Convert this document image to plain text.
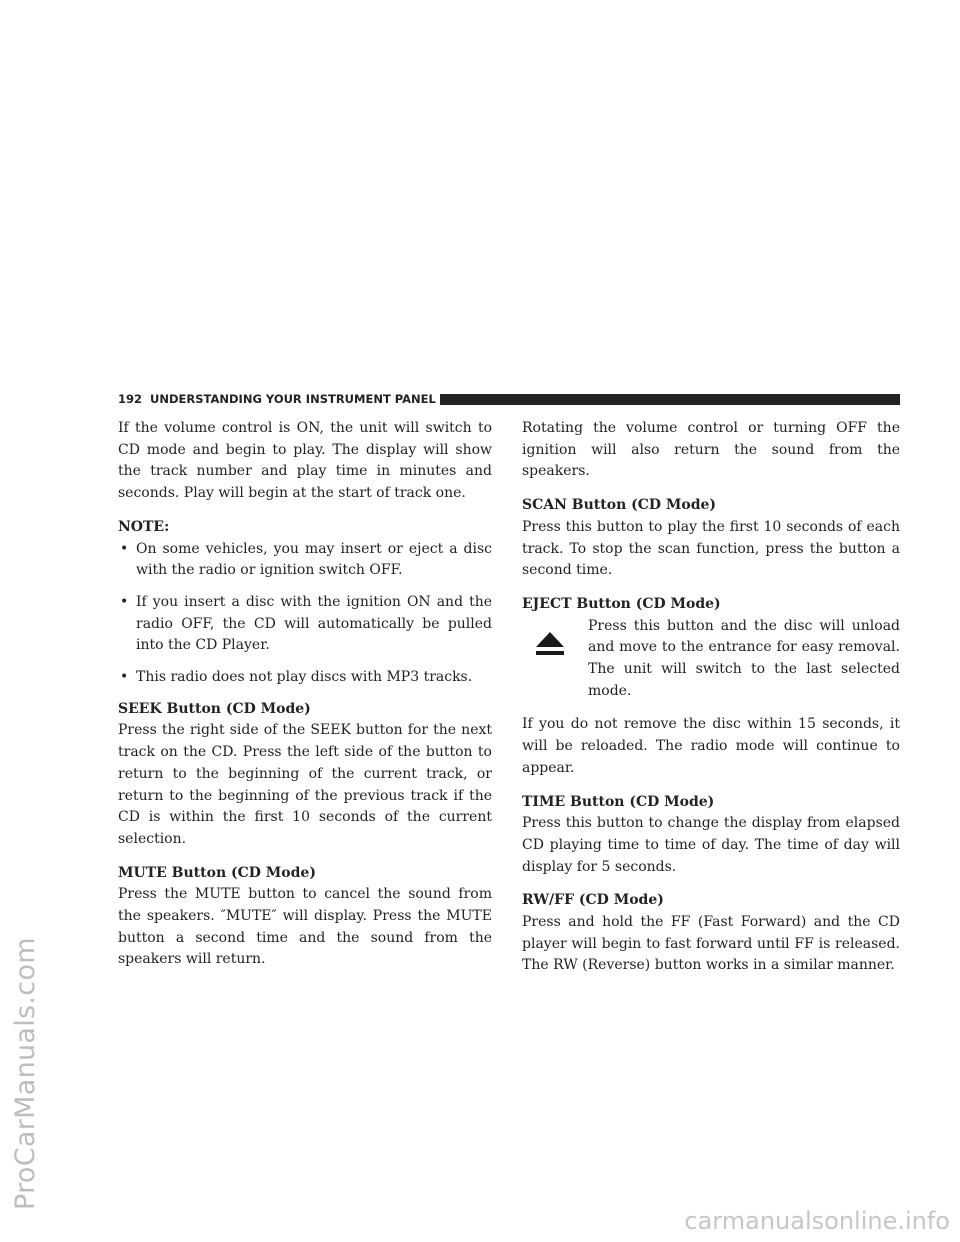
ProCarManuals.com
carmanualsonline.info
192 UNDERSTANDING YOUR INSTRUMENT PANEL

If the volume control is ON, the unit will switch to CD mode and begin to play. The display will show the track number and play time in minutes and seconds. Play will begin at the start of track one.

NOTE:
• On some vehicles, you may insert or eject a disc with the radio or ignition switch OFF.
• If you insert a disc with the ignition ON and the radio OFF, the CD will automatically be pulled into the CD Player.
• This radio does not play discs with MP3 tracks.
SEEK Button (CD Mode)

Press the right side of the SEEK button for the next track on the CD. Press the left side of the button to return to the beginning of the current track, or return to the beginning of the previous track if the CD is within the first 10 seconds of the current selection.

MUTE Button (CD Mode)

Press the MUTE button to cancel the sound from the speakers. ″MUTE″ will display. Press the MUTE button a second time and the sound from the speakers will return.

Rotating the volume control or turning OFF the ignition will also return the sound from the speakers.

SCAN Button (CD Mode)

Press this button to play the first 10 seconds of each track. To stop the scan function, press the button a second time.

EJECT Button (CD Mode)

Press this button and the disc will unload and move to the entrance for easy removal. The unit will switch to the last selected mode.

If you do not remove the disc within 15 seconds, it will be reloaded. The radio mode will continue to appear.

TIME Button (CD Mode)

Press this button to change the display from elapsed CD playing time to time of day. The time of day will display for 5 seconds.

RW/FF (CD Mode)

Press and hold the FF (Fast Forward) and the CD player will begin to fast forward until FF is released. The RW (Reverse) button works in a similar manner.
